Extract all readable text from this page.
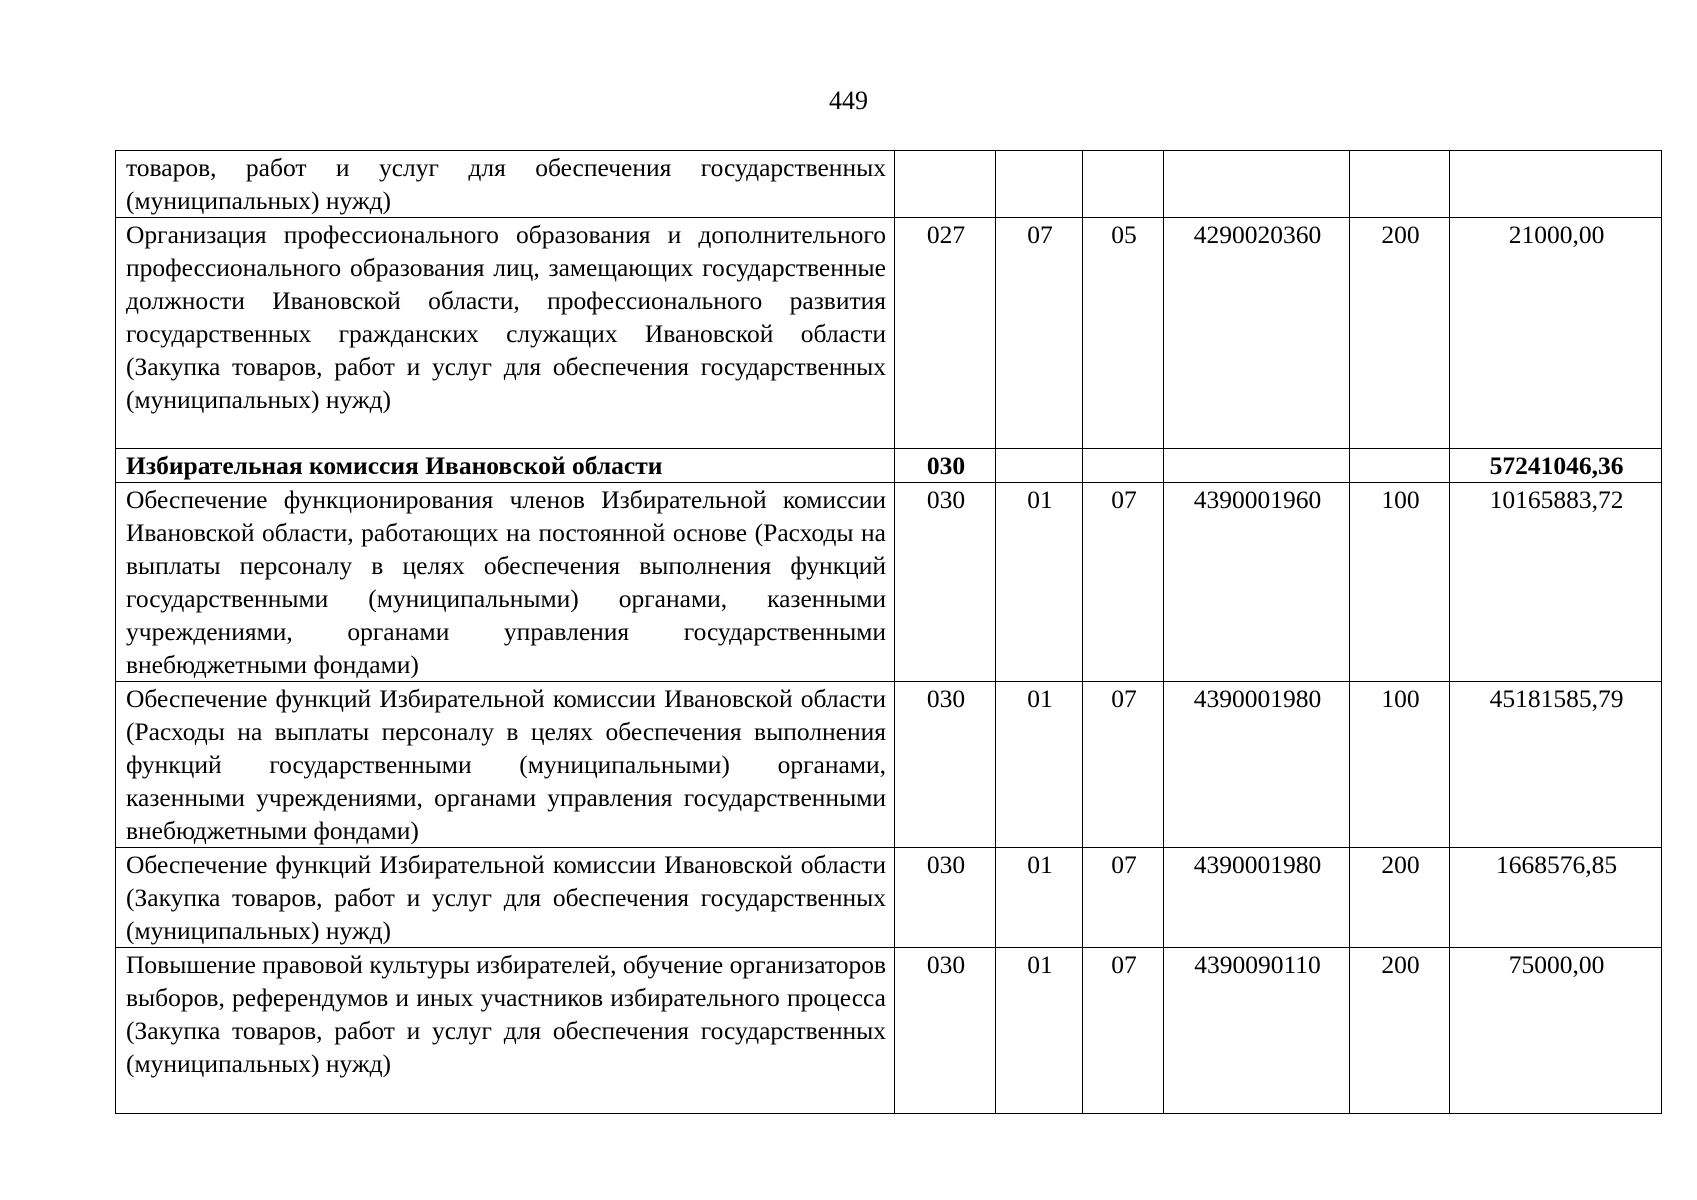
449
товаров, работ и услуг для обеспечения государственных (муниципальных) нужд)						
Организация профессионального образования и дополнительного профессионального образования лиц, замещающих государственные должности Ивановской области, профессионального развития государственных гражданских служащих Ивановской области (Закупка товаров, работ и услуг для обеспечения государственных (муниципальных) нужд)	027	07	05	4290020360	200	21000,00
Избирательная комиссия Ивановской области	030					57241046,36
Обеспечение функционирования членов Избирательной комиссии Ивановской области, работающих на постоянной основе (Расходы на выплаты персоналу в целях обеспечения выполнения функций государственными (муниципальными) органами, казенными учреждениями, органами управления государственными внебюджетными фондами)	030	01	07	4390001960	100	10165883,72
Обеспечение функций Избирательной комиссии Ивановской области (Расходы на выплаты персоналу в целях обеспечения выполнения функций государственными (муниципальными) органами, казенными учреждениями, органами управления государственными внебюджетными фондами)	030	01	07	4390001980	100	45181585,79
Обеспечение функций Избирательной комиссии Ивановской области (Закупка товаров, работ и услуг для обеспечения государственных (муниципальных) нужд)	030	01	07	4390001980	200	1668576,85
Повышение правовой культуры избирателей, обучение организаторов выборов, референдумов и иных участников избирательного процесса (Закупка товаров, работ и услуг для обеспечения государственных (муниципальных) нужд)	030	01	07	4390090110	200	75000,00
